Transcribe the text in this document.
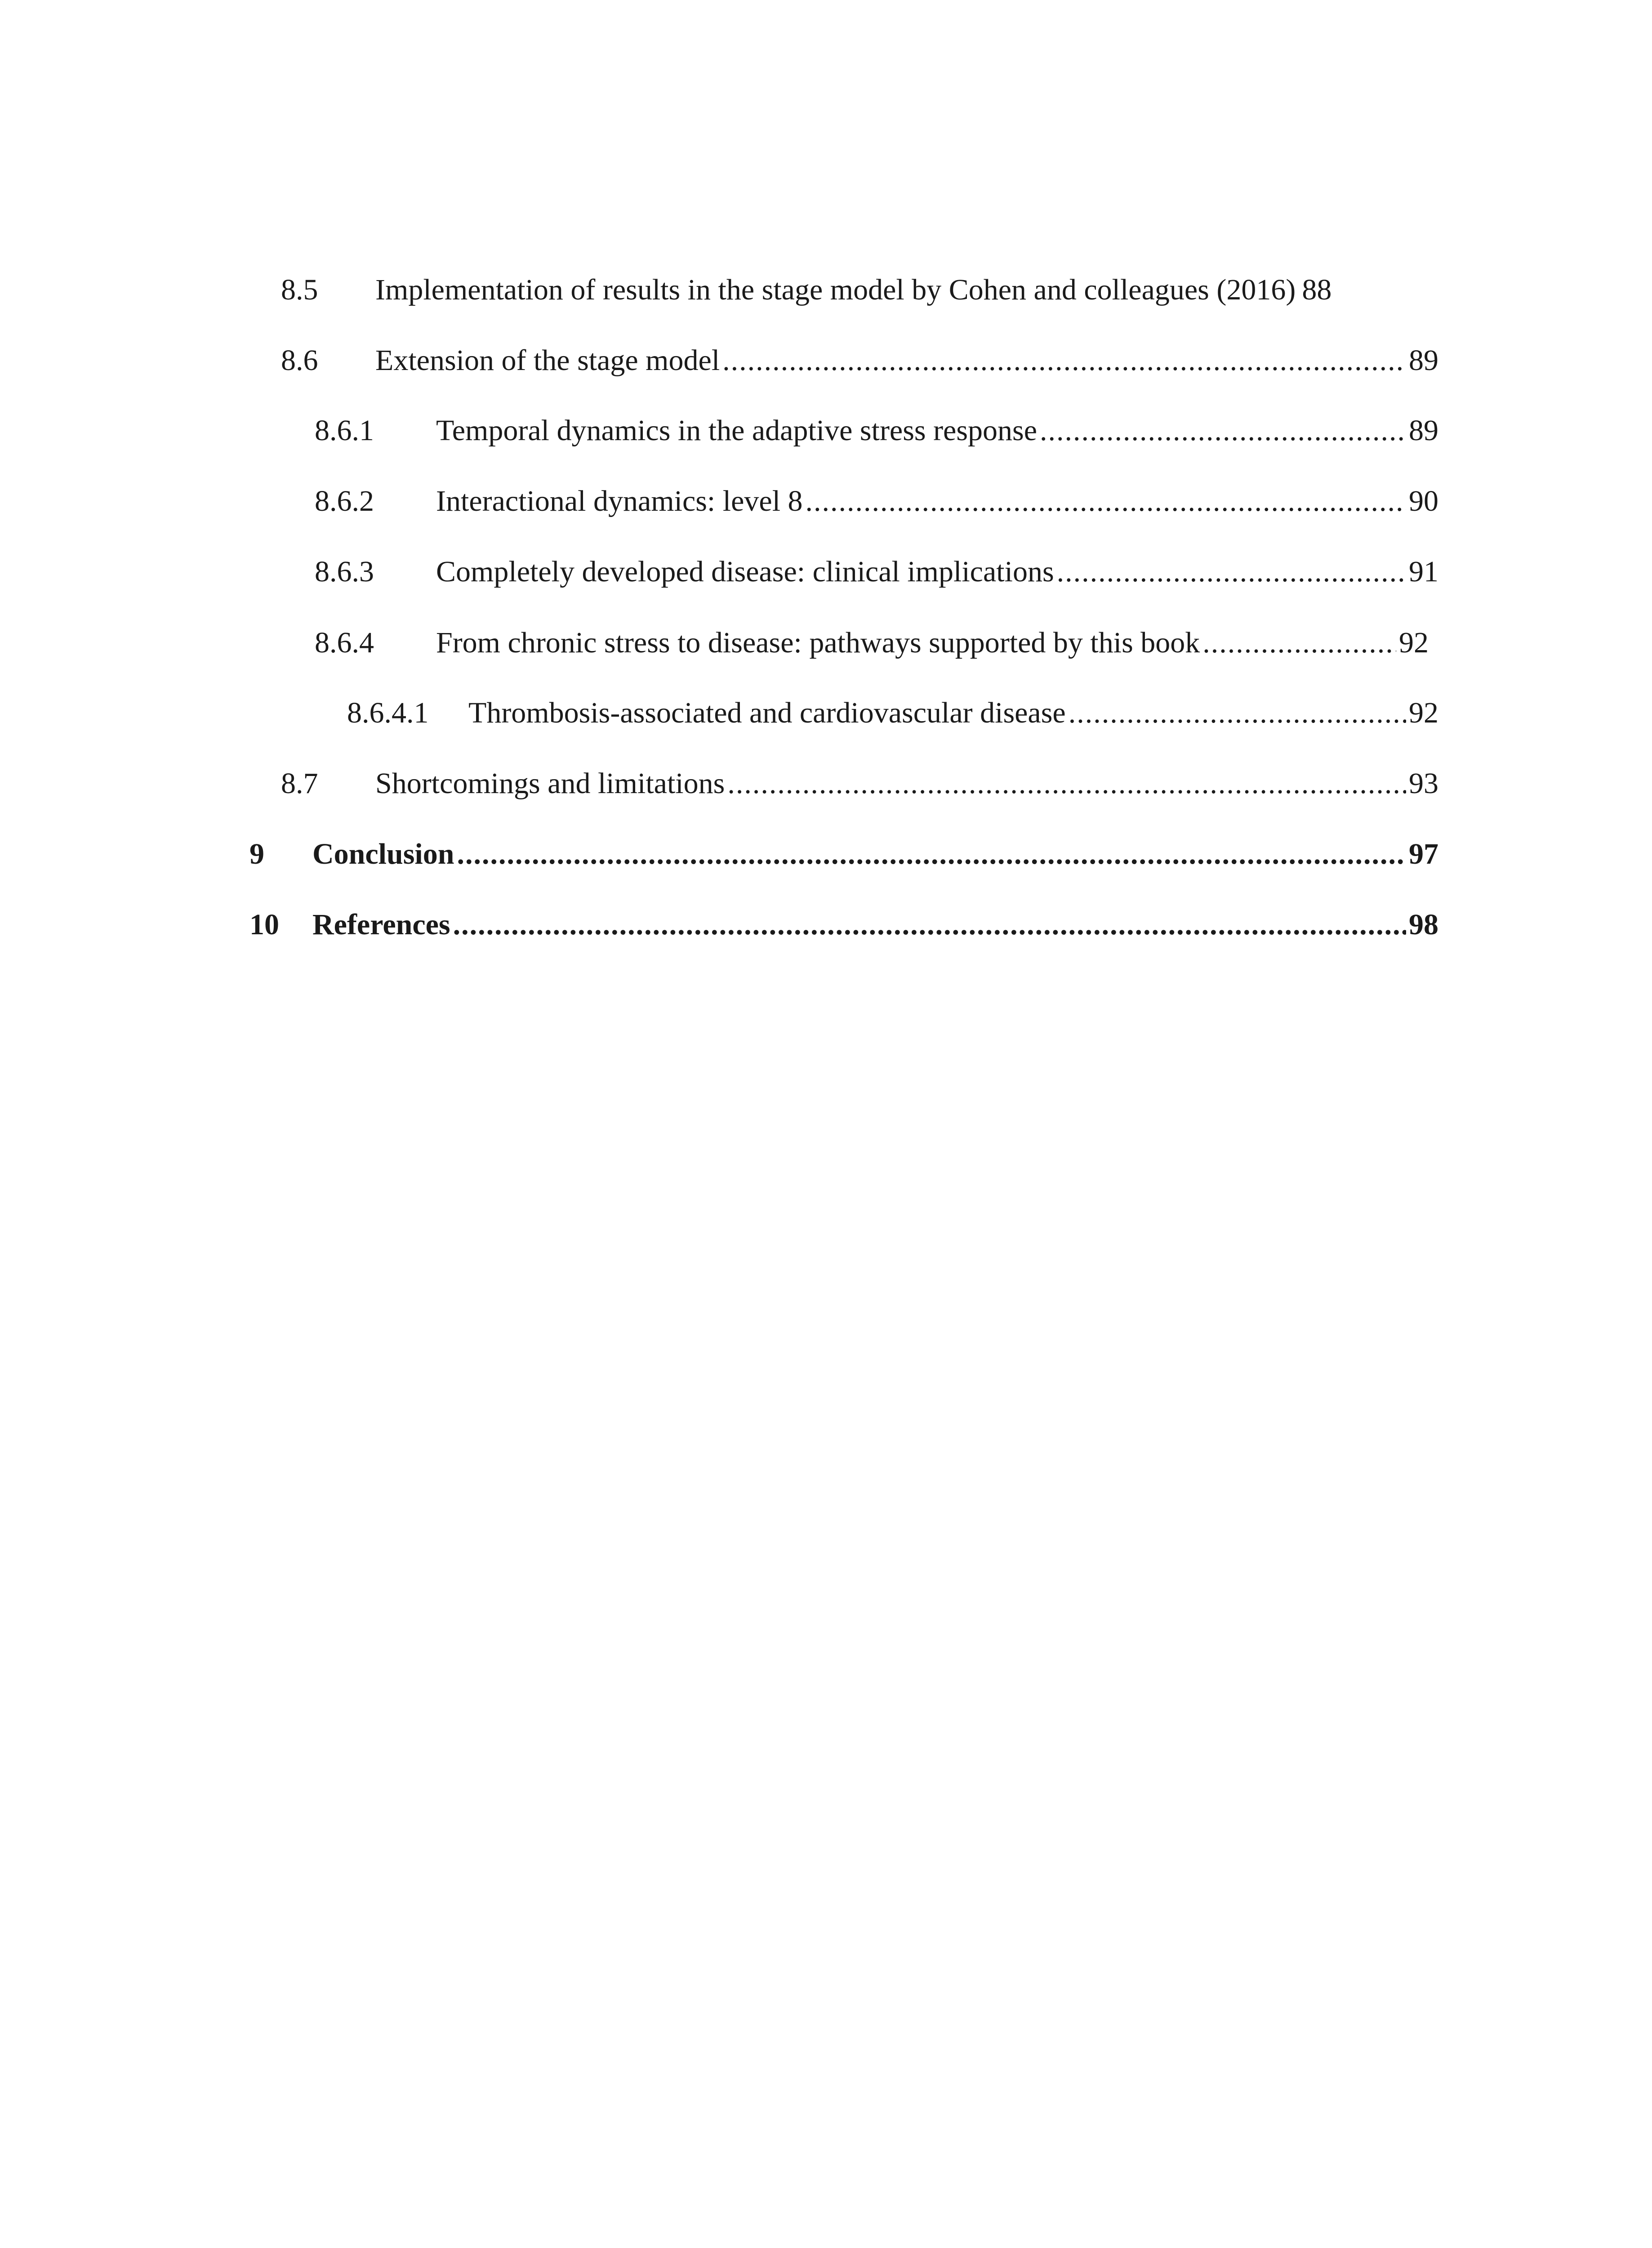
8.5	Implementation of results in the stage model by Cohen and colleagues (2016) 88
8.6	Extension of the stage model .....	89
8.6.1	Temporal dynamics in the adaptive stress response .....	89
8.6.2	Interactional dynamics: level 8 .....	90
8.6.3	Completely developed disease: clinical implications .....	91
8.6.4	From chronic stress to disease: pathways supported by this book .....	92
8.6.4.1	Thrombosis-associated and cardiovascular disease .....	92
8.7	Shortcomings and limitations .....	93
9	Conclusion .....	97
10	References .....	98
